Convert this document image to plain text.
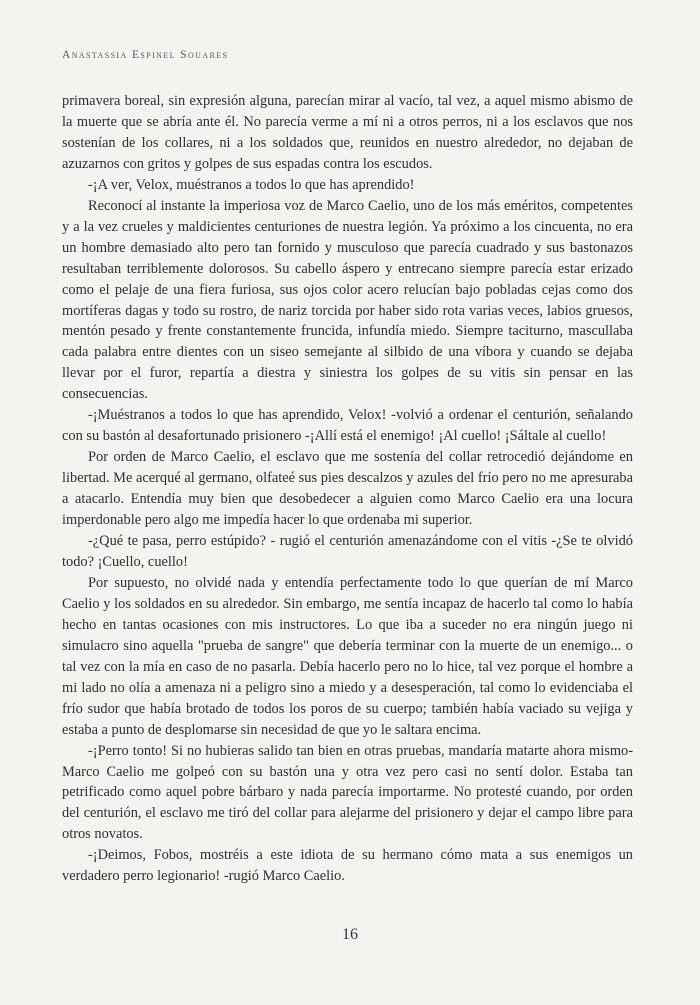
Anastassia Espinel Souares

primavera boreal, sin expresión alguna, parecían mirar al vacío, tal vez, a aquel mismo abismo de la muerte que se abría ante él. No parecía verme a mí ni a otros perros, ni a los esclavos que nos sostenían de los collares, ni a los soldados que, reunidos en nuestro alrededor, no dejaban de azuzarnos con gritos y golpes de sus espadas contra los escudos.

-¡A ver, Velox, muéstranos a todos lo que has aprendido!

Reconocí al instante la imperiosa voz de Marco Caelio, uno de los más eméritos, competentes y a la vez crueles y maldicientes centuriones de nuestra legión. Ya próximo a los cincuenta, no era un hombre demasiado alto pero tan fornido y musculoso que parecía cuadrado y sus bastonazos resultaban terriblemente dolorosos. Su cabello áspero y entrecano siempre parecía estar erizado como el pelaje de una fiera furiosa, sus ojos color acero relucían bajo pobladas cejas como dos mortíferas dagas y todo su rostro, de nariz torcida por haber sido rota varias veces, labios gruesos, mentón pesado y frente constantemente fruncida, infundía miedo. Siempre taciturno, mascullaba cada palabra entre dientes con un siseo semejante al silbido de una víbora y cuando se dejaba llevar por el furor, repartía a diestra y siniestra los golpes de su vitis sin pensar en las consecuencias.

-¡Muéstranos a todos lo que has aprendido, Velox! -volvió a ordenar el centurión, señalando con su bastón al desafortunado prisionero -¡Allí está el enemigo! ¡Al cuello! ¡Sáltale al cuello!

Por orden de Marco Caelio, el esclavo que me sostenía del collar retrocedió dejándome en libertad. Me acerqué al germano, olfateé sus pies descalzos y azules del frío pero no me apresuraba a atacarlo. Entendía muy bien que desobedecer a alguien como Marco Caelio era una locura imperdonable pero algo me impedía hacer lo que ordenaba mi superior.

-¿Qué te pasa, perro estúpido? - rugió el centurión amenazándome con el vitis -¿Se te olvidó todo? ¡Cuello, cuello!

Por supuesto, no olvidé nada y entendía perfectamente todo lo que querían de mí Marco Caelio y los soldados en su alrededor. Sin embargo, me sentía incapaz de hacerlo tal como lo había hecho en tantas ocasiones con mis instructores. Lo que iba a suceder no era ningún juego ni simulacro sino aquella "prueba de sangre" que debería terminar con la muerte de un enemigo... o tal vez con la mía en caso de no pasarla. Debía hacerlo pero no lo hice, tal vez porque el hombre a mi lado no olía a amenaza ni a peligro sino a miedo y a desesperación, tal como lo evidenciaba el frío sudor que había brotado de todos los poros de su cuerpo; también había vaciado su vejiga y estaba a punto de desplomarse sin necesidad de que yo le saltara encima.

-¡Perro tonto! Si no hubieras salido tan bien en otras pruebas, mandaría matarte ahora mismo- Marco Caelio me golpeó con su bastón una y otra vez pero casi no sentí dolor. Estaba tan petrificado como aquel pobre bárbaro y nada parecía importarme. No protesté cuando, por orden del centurión, el esclavo me tiró del collar para alejarme del prisionero y dejar el campo libre para otros novatos.

-¡Deimos, Fobos, mostréis a este idiota de su hermano cómo mata a sus enemigos un verdadero perro legionario! -rugió Marco Caelio.

16
